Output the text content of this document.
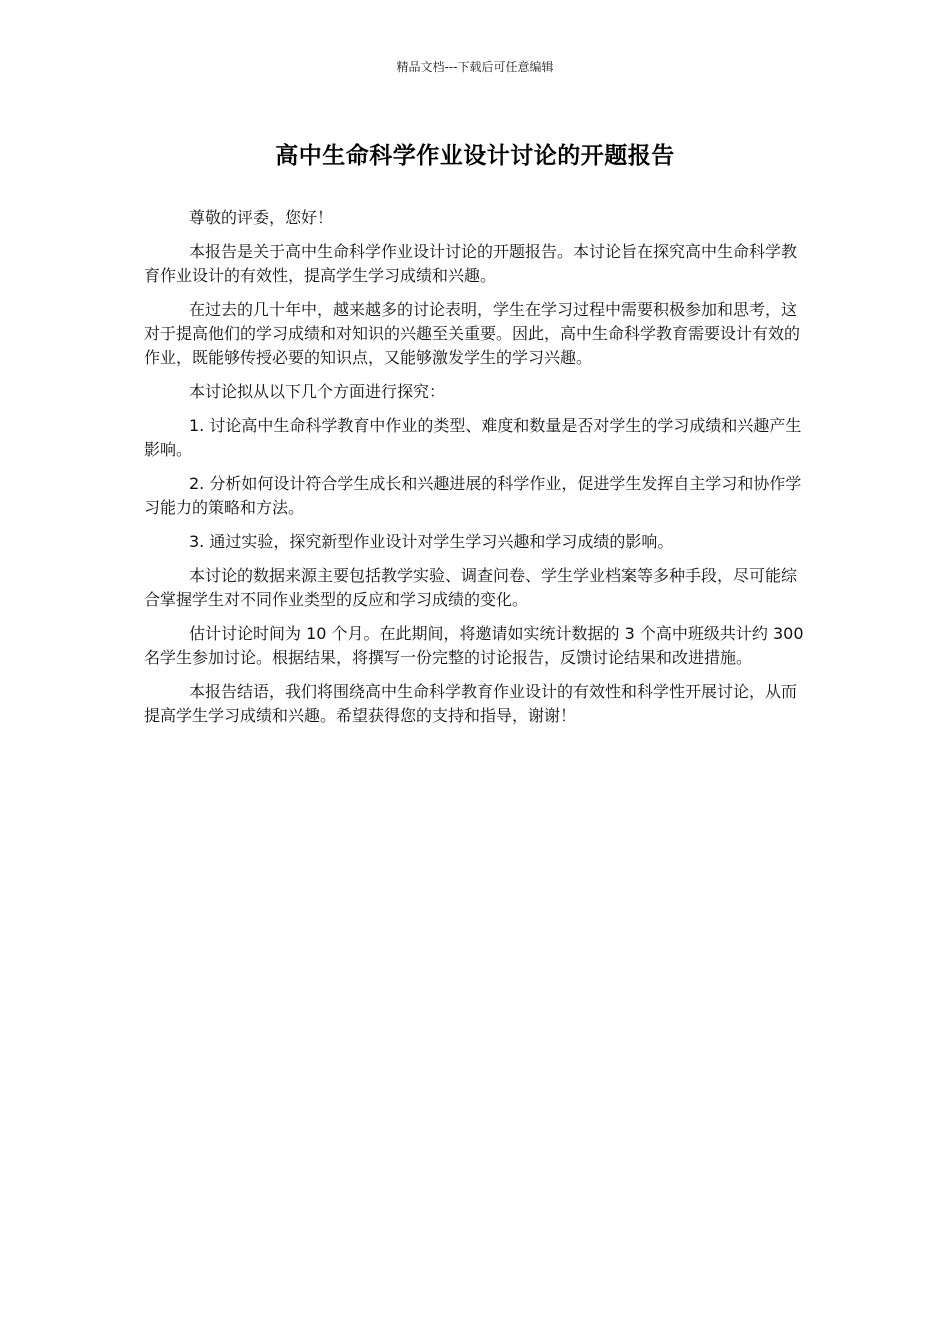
精品文档---下载后可任意编辑
高中生命科学作业设计讨论的开题报告

尊敬的评委，您好！

本报告是关于高中生命科学作业设计讨论的开题报告。本讨论旨在探究高中生命科学教育作业设计的有效性，提高学生学习成绩和兴趣。

在过去的几十年中，越来越多的讨论表明，学生在学习过程中需要积极参加和思考，这对于提高他们的学习成绩和对知识的兴趣至关重要。因此，高中生命科学教育需要设计有效的作业，既能够传授必要的知识点，又能够激发学生的学习兴趣。

本讨论拟从以下几个方面进行探究：

1. 讨论高中生命科学教育中作业的类型、难度和数量是否对学生的学习成绩和兴趣产生影响。

2. 分析如何设计符合学生成长和兴趣进展的科学作业，促进学生发挥自主学习和协作学习能力的策略和方法。

3. 通过实验，探究新型作业设计对学生学习兴趣和学习成绩的影响。

本讨论的数据来源主要包括教学实验、调查问卷、学生学业档案等多种手段，尽可能综合掌握学生对不同作业类型的反应和学习成绩的变化。

估计讨论时间为 10 个月。在此期间，将邀请如实统计数据的 3 个高中班级共计约 300 名学生参加讨论。根据结果，将撰写一份完整的讨论报告，反馈讨论结果和改进措施。

本报告结语，我们将围绕高中生命科学教育作业设计的有效性和科学性开展讨论，从而提高学生学习成绩和兴趣。希望获得您的支持和指导，谢谢！
